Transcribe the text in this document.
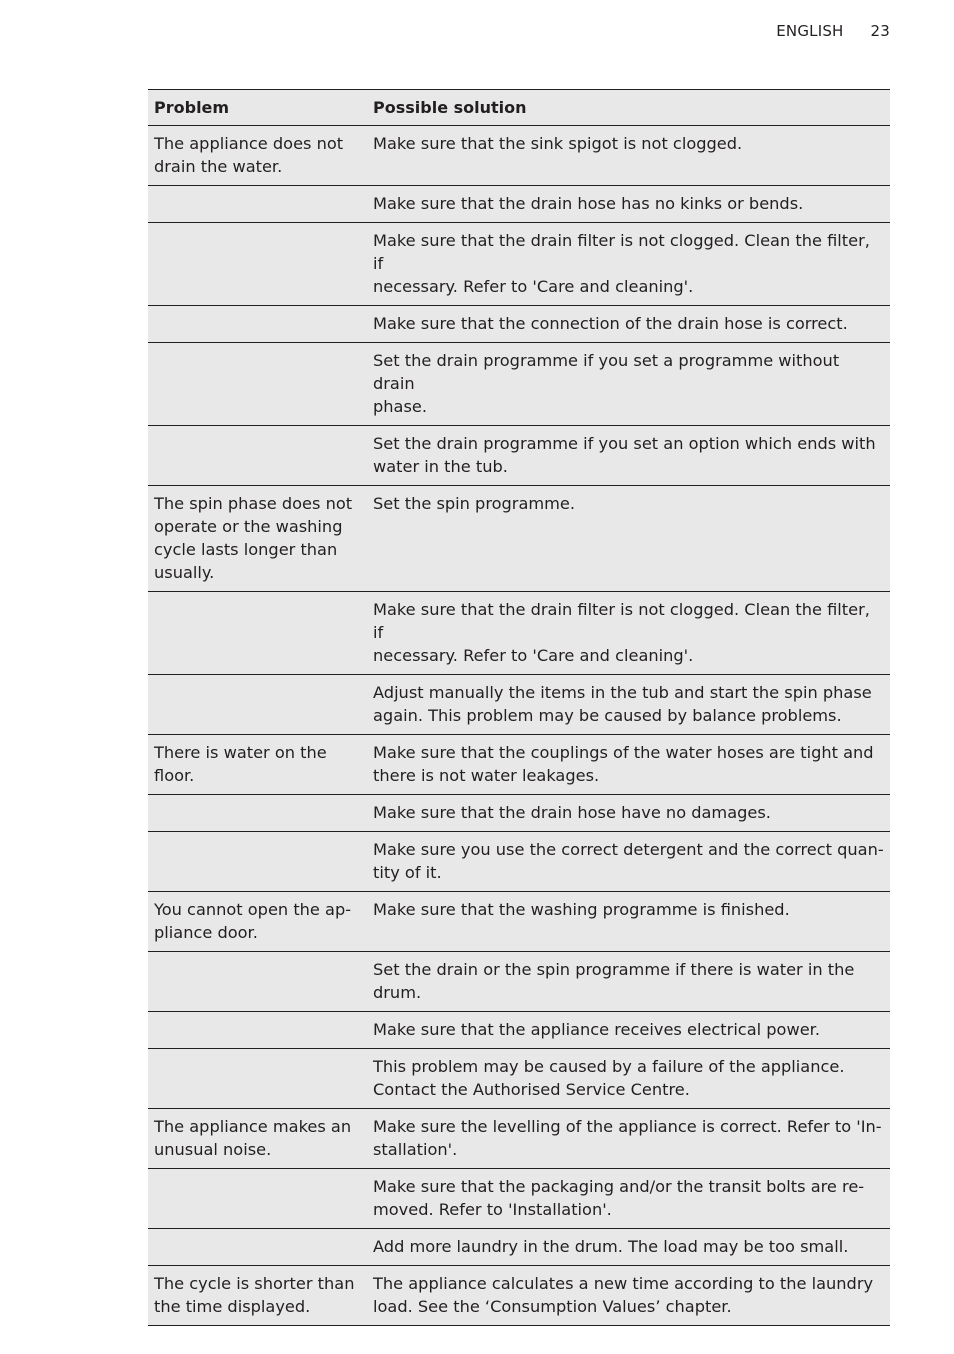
ENGLISH 23
Problem	Possible solution
The appliance does not
drain the water.
Make sure that the sink spigot is not clogged.

Make sure that the drain hose has no kinks or bends.
Make sure that the drain filter is not clogged. Clean the filter, if
necessary. Refer to 'Care and cleaning'.
Make sure that the connection of the drain hose is correct.
Set the drain programme if you set a programme without drain
phase.
Set the drain programme if you set an option which ends with
water in the tub.
The spin phase does not
operate or the washing
cycle lasts longer than
usually.
Set the spin programme.
Make sure that the drain filter is not clogged. Clean the filter, if
necessary. Refer to 'Care and cleaning'.
Adjust manually the items in the tub and start the spin phase
again. This problem may be caused by balance problems.
There is water on the
floor.
Make sure that the couplings of the water hoses are tight and
there is not water leakages.
Make sure that the drain hose have no damages.
Make sure you use the correct detergent and the correct quan-
tity of it.
You cannot open the ap-
pliance door.
Make sure that the washing programme is finished.

Set the drain or the spin programme if there is water in the
drum.
Make sure that the appliance receives electrical power.
This problem may be caused by a failure of the appliance.
Contact the Authorised Service Centre.
The appliance makes an
unusual noise.
Make sure the levelling of the appliance is correct. Refer to 'In-
stallation'.
Make sure that the packaging and/or the transit bolts are re-
moved. Refer to 'Installation'.
Add more laundry in the drum. The load may be too small.
The cycle is shorter than
the time displayed.
The appliance calculates a new time according to the laundry
load. See the ‘Consumption Values’ chapter.
